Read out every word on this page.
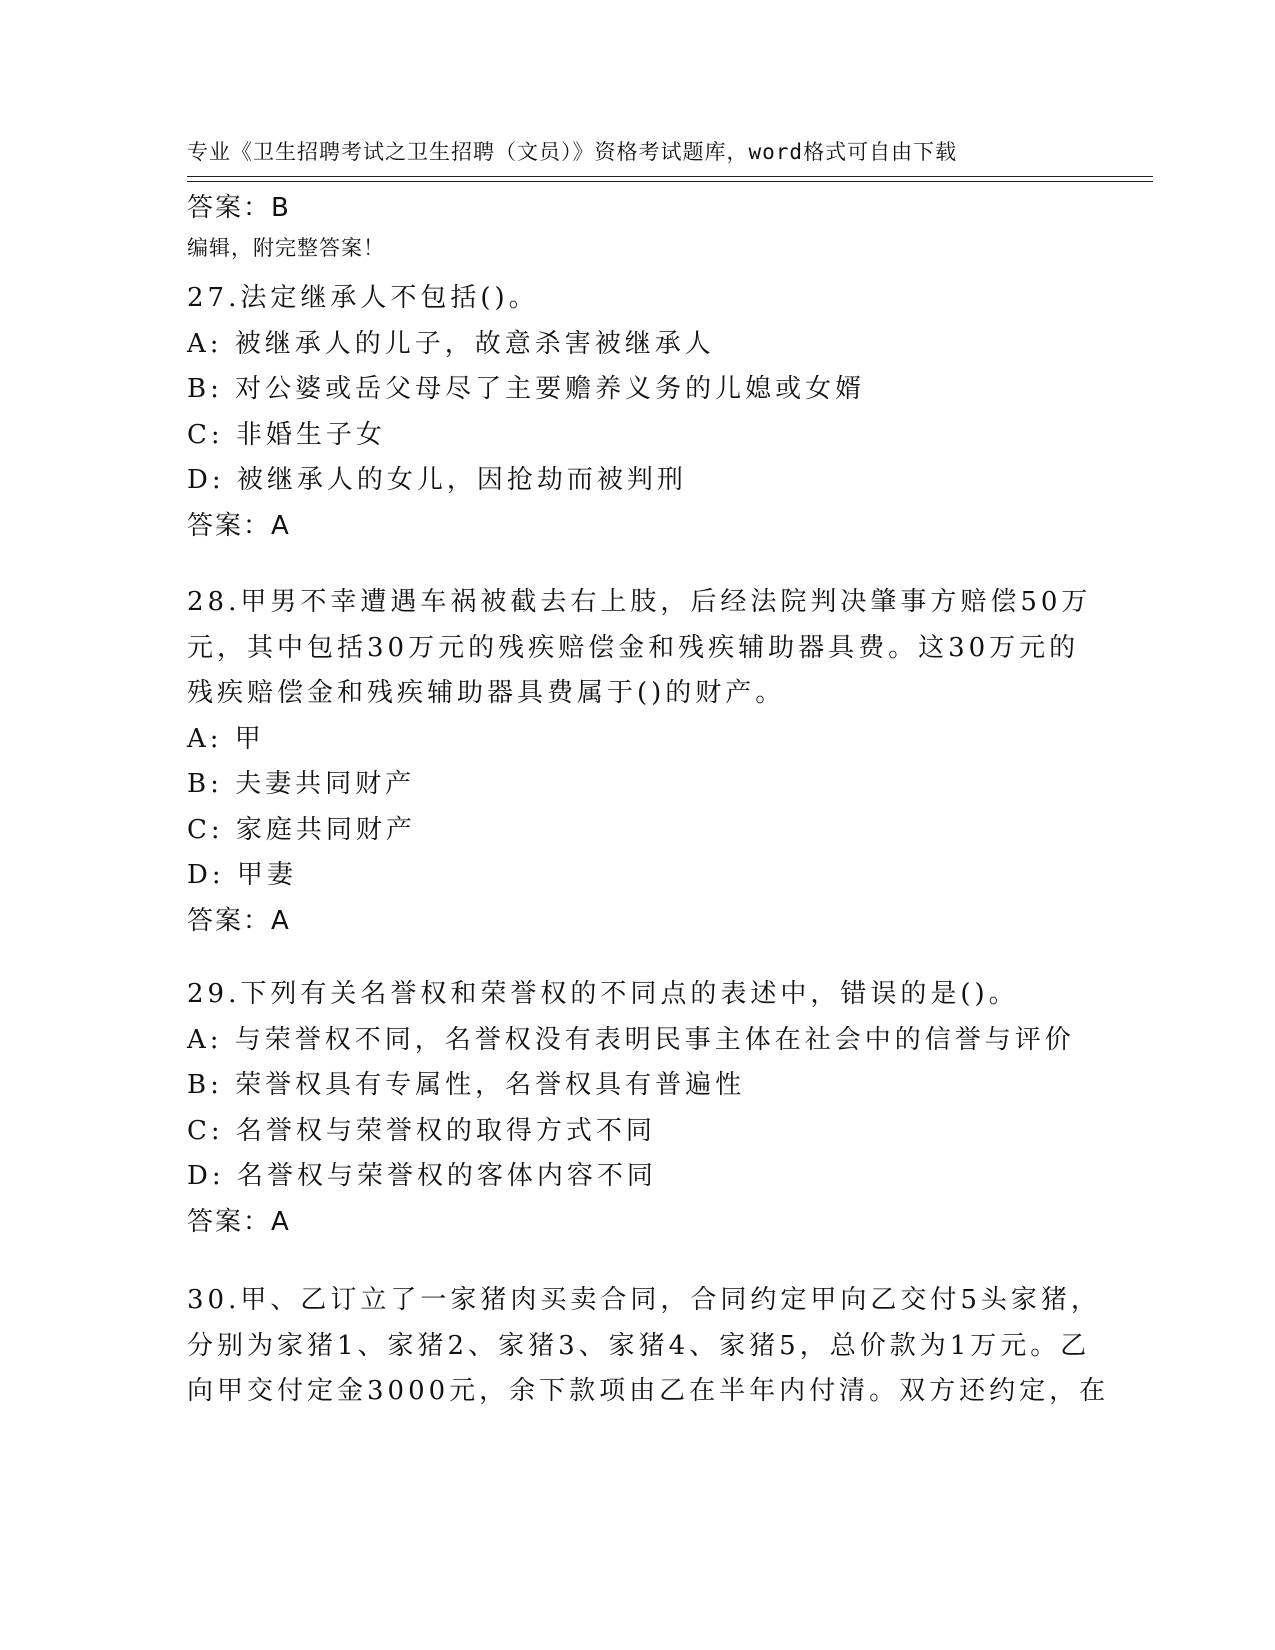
专业《卫生招聘考试之卫生招聘（文员）》资格考试题库，word格式可自由下载

编辑，附完整答案！

答案：B
27.法定继承人不包括()。
A: 被继承人的儿子，故意杀害被继承人
B: 对公婆或岳父母尽了主要赡养义务的儿媳或女婿
C: 非婚生子女
D: 被继承人的女儿，因抢劫而被判刑
答案：A
28.甲男不幸遭遇车祸被截去右上肢，后经法院判决肇事方赔偿50万
元，其中包括30万元的残疾赔偿金和残疾辅助器具费。这30万元的
残疾赔偿金和残疾辅助器具费属于()的财产。
A: 甲
B: 夫妻共同财产
C: 家庭共同财产
D: 甲妻
答案：A
29.下列有关名誉权和荣誉权的不同点的表述中，错误的是()。
A: 与荣誉权不同，名誉权没有表明民事主体在社会中的信誉与评价
B: 荣誉权具有专属性，名誉权具有普遍性
C: 名誉权与荣誉权的取得方式不同
D: 名誉权与荣誉权的客体内容不同
答案：A
30.甲、乙订立了一家猪肉买卖合同，合同约定甲向乙交付5头家猪，
分别为家猪1、家猪2、家猪3、家猪4、家猪5，总价款为1万元。乙
向甲交付定金3000元，余下款项由乙在半年内付清。双方还约定，在
